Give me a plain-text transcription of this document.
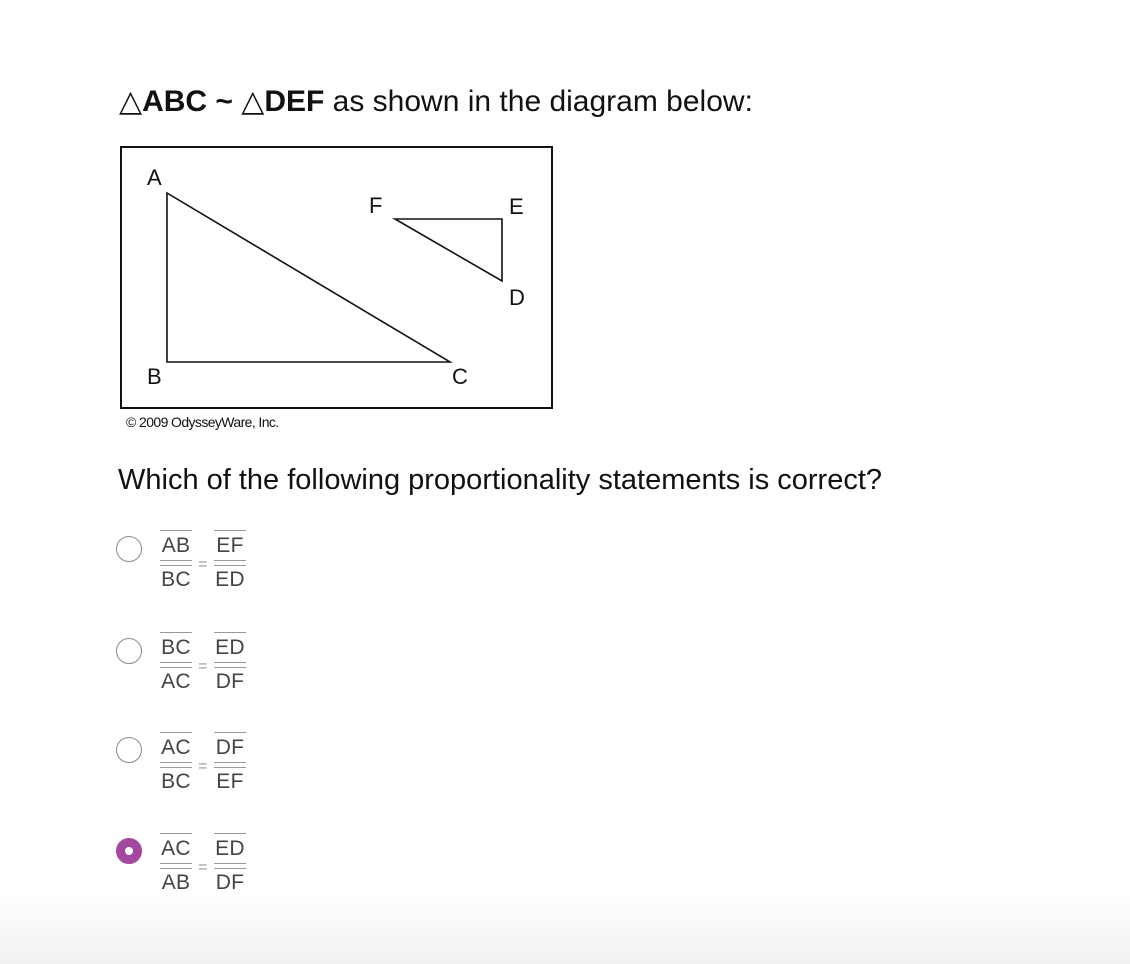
△ABC ~ △DEF as shown in the diagram below:
A
B	C
D
E
F
© 2009 OdysseyWare, Inc.
Which of the following proportionality statements is correct?
AB
BC
=
EF
ED
BC
AC
=
ED
DF
AC
BC
=
DF
EF
AC
AB
=
ED
DF
